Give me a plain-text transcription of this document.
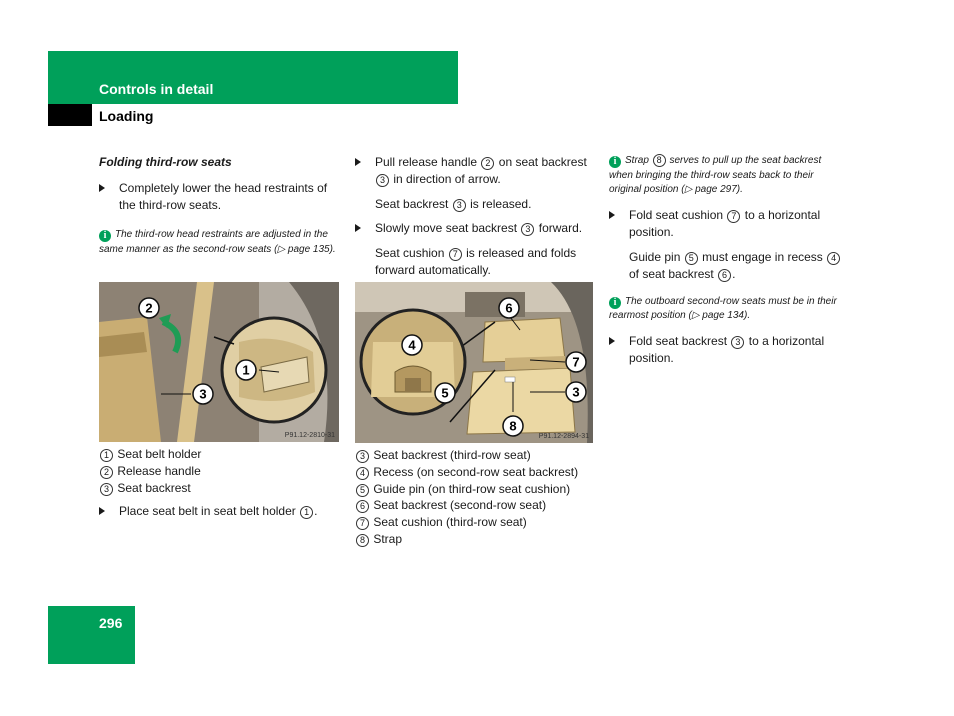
Controls in detail
Loading

Folding third-row seats

Completely lower the head restraints of the third-row seats.

i The third-row head restraints are adjusted in the same manner as the second-row seats (▷ page 135).

1
2
3
P91.12-2810-31
1 Seat belt holder
2 Release handle
3 Seat backrest

Place seat belt in seat belt holder 1 .

Pull release handle 2 on seat backrest 3 in direction of arrow.

Seat backrest 3 is released.

Slowly move seat backrest 3 forward.

Seat cushion 7 is released and folds forward automatically.

4
5
6
7
3
8
P91.12-2894-31
3 Seat backrest (third-row seat)
4 Recess (on second-row seat backrest)
5 Guide pin (on third-row seat cushion)
6 Seat backrest (second-row seat)
7 Seat cushion (third-row seat)
8 Strap

i Strap 8 serves to pull up the seat backrest when bringing the third-row seats back to their original position (▷ page 297).

Fold seat cushion 7 to a horizontal position.

Guide pin 5 must engage in recess 4 of seat backrest 6 .

i The outboard second-row seats must be in their rearmost position (▷ page 134).

Fold seat backrest 3 to a horizontal position.

296
